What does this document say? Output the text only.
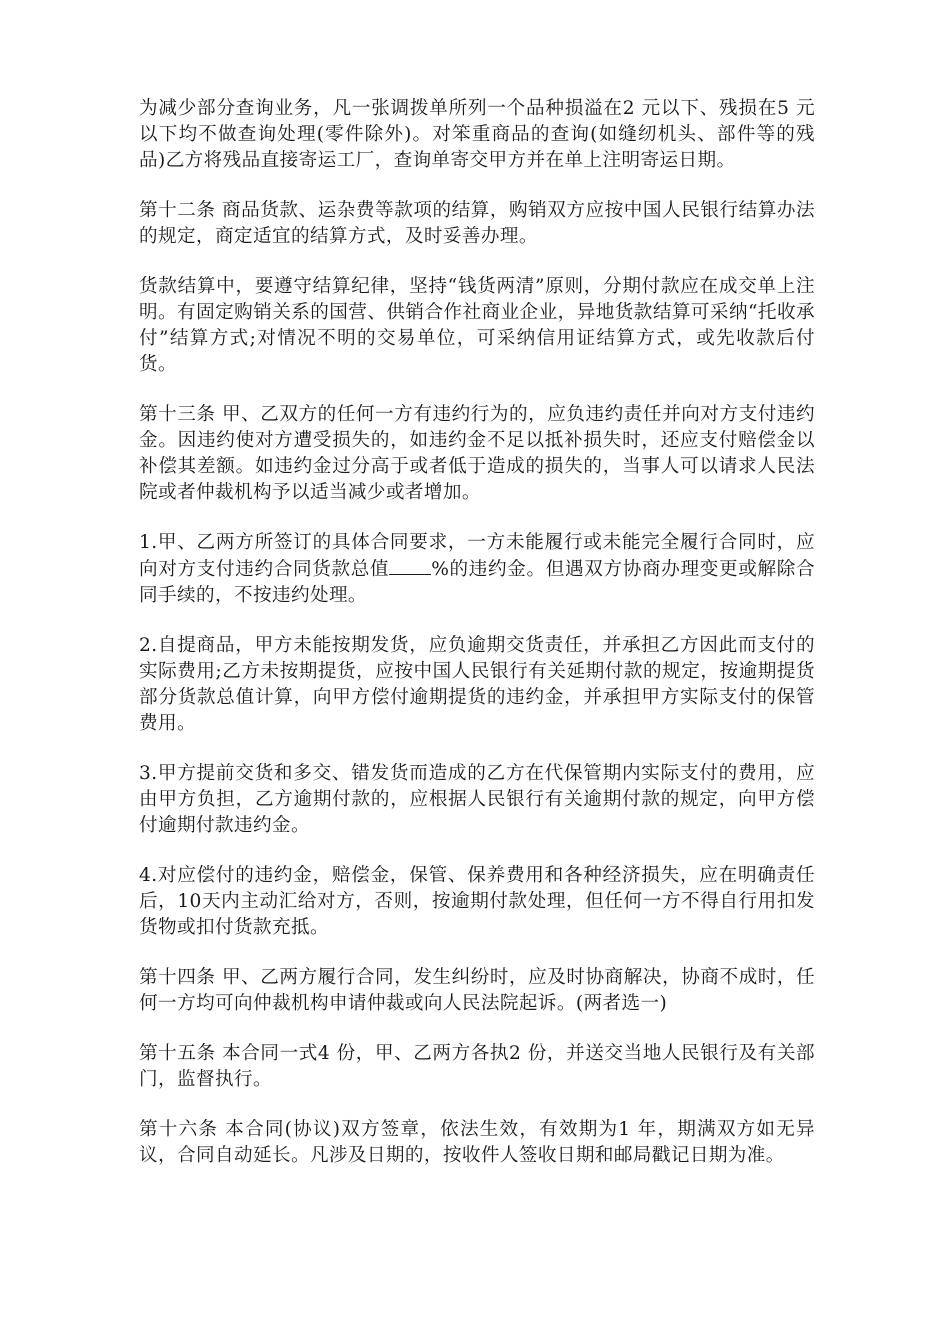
为减少部分查询业务，凡一张调拨单所列一个品种损溢在2 元以下、残损在5 元以下均不做查询处理(零件除外)。对笨重商品的查询(如缝纫机头、部件等的残品)乙方将残品直接寄运工厂，查询单寄交甲方并在单上注明寄运日期。

第十二条 商品货款、运杂费等款项的结算，购销双方应按中国人民银行结算办法的规定，商定适宜的结算方式，及时妥善办理。

货款结算中，要遵守结算纪律，坚持“钱货两清”原则，分期付款应在成交单上注明。有固定购销关系的国营、供销合作社商业企业，异地货款结算可采纳“托收承付”结算方式;对情况不明的交易单位，可采纳信用证结算方式，或先收款后付货。

第十三条 甲、乙双方的任何一方有违约行为的，应负违约责任并向对方支付违约金。因违约使对方遭受损失的，如违约金不足以抵补损失时，还应支付赔偿金以补偿其差额。如违约金过分高于或者低于造成的损失的，当事人可以请求人民法院或者仲裁机构予以适当减少或者增加。

1.甲、乙两方所签订的具体合同要求，一方未能履行或未能完全履行合同时，应向对方支付违约合同货款总值 %的违约金。但遇双方协商办理变更或解除合同手续的，不按违约处理。

2.自提商品，甲方未能按期发货，应负逾期交货责任，并承担乙方因此而支付的实际费用;乙方未按期提货，应按中国人民银行有关延期付款的规定，按逾期提货部分货款总值计算，向甲方偿付逾期提货的违约金，并承担甲方实际支付的保管费用。

3.甲方提前交货和多交、错发货而造成的乙方在代保管期内实际支付的费用，应由甲方负担，乙方逾期付款的，应根据人民银行有关逾期付款的规定，向甲方偿付逾期付款违约金。

4.对应偿付的违约金，赔偿金，保管、保养费用和各种经济损失，应在明确责任后，10天内主动汇给对方，否则，按逾期付款处理，但任何一方不得自行用扣发货物或扣付货款充抵。

第十四条 甲、乙两方履行合同，发生纠纷时，应及时协商解决，协商不成时，任何一方均可向仲裁机构申请仲裁或向人民法院起诉。(两者选一)

第十五条 本合同一式4 份，甲、乙两方各执2 份，并送交当地人民银行及有关部门，监督执行。

第十六条 本合同(协议)双方签章，依法生效，有效期为1 年，期满双方如无异议，合同自动延长。凡涉及日期的，按收件人签收日期和邮局戳记日期为准。
